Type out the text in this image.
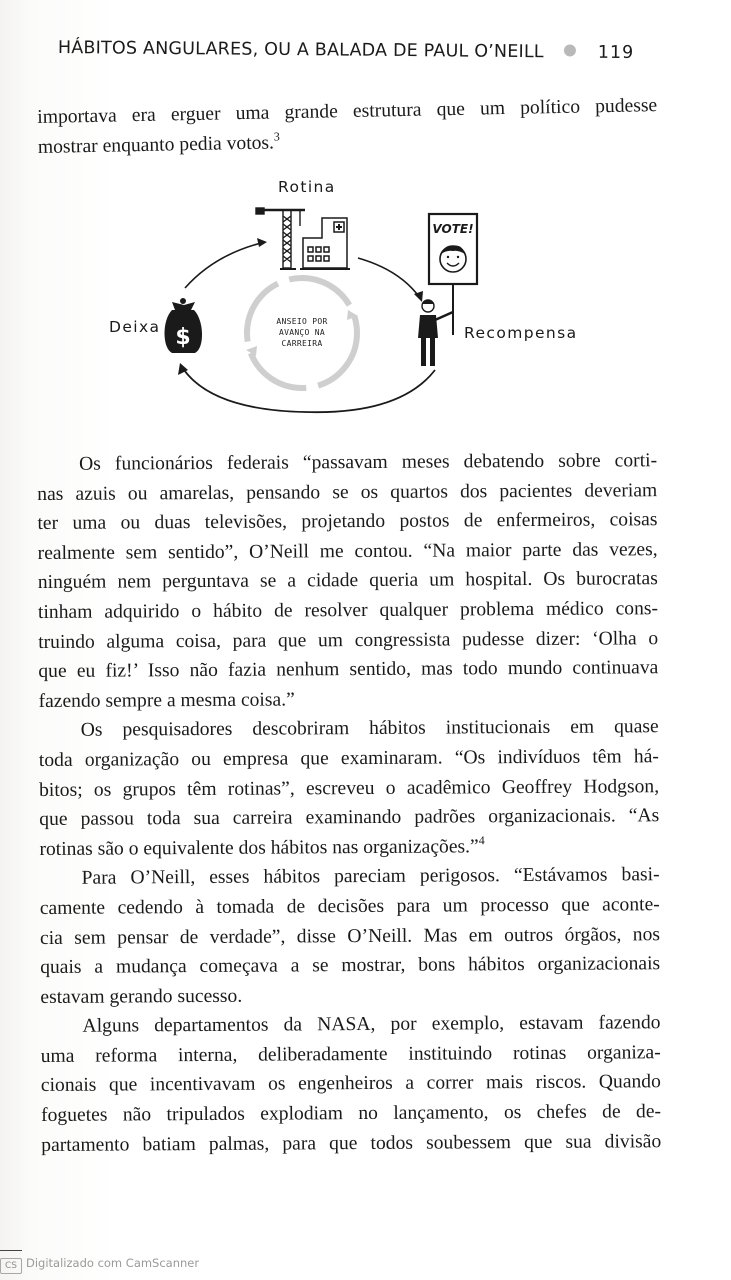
HÁBITOS ANGULARES, OU A BALADA DE PAUL O’NEILL	119

importava era erguer uma grande estrutura que um político pudesse

mostrar enquanto pedia votos.$^3$

$
VOTE!
Rotina
Deixa	Recompensa
ANSEIO POR
AVANÇO NA
CARREIRA

Os funcionários federais “passavam meses debatendo sobre corti-

nas azuis ou amarelas, pensando se os quartos dos pacientes deveriam

ter uma ou duas televisões, projetando postos de enfermeiros, coisas

realmente sem sentido”, O’Neill me contou. “Na maior parte das vezes,

ninguém nem perguntava se a cidade queria um hospital. Os burocratas

tinham adquirido o hábito de resolver qualquer problema médico cons-

truindo alguma coisa, para que um congressista pudesse dizer: ‘Olha o

que eu fiz!’ Isso não fazia nenhum sentido, mas todo mundo continuava

fazendo sempre a mesma coisa.”

Os pesquisadores descobriram hábitos institucionais em quase

toda organização ou empresa que examinaram. “Os indivíduos têm há-

bitos; os grupos têm rotinas”, escreveu o acadêmico Geoffrey Hodgson,

que passou toda sua carreira examinando padrões organizacionais. “As

rotinas são o equivalente dos hábitos nas organizações.”$^4$

Para O’Neill, esses hábitos pareciam perigosos. “Estávamos basi-

camente cedendo à tomada de decisões para um processo que aconte-

cia sem pensar de verdade”, disse O’Neill. Mas em outros órgãos, nos

quais a mudança começava a se mostrar, bons hábitos organizacionais

estavam gerando sucesso.

Alguns departamentos da NASA, por exemplo, estavam fazendo

uma reforma interna, deliberadamente instituindo rotinas organiza-

cionais que incentivavam os engenheiros a correr mais riscos. Quando

foguetes não tripulados explodiam no lançamento, os chefes de de-

partamento batiam palmas, para que todos soubessem que sua divisão

CS Digitalizado com CamScanner
